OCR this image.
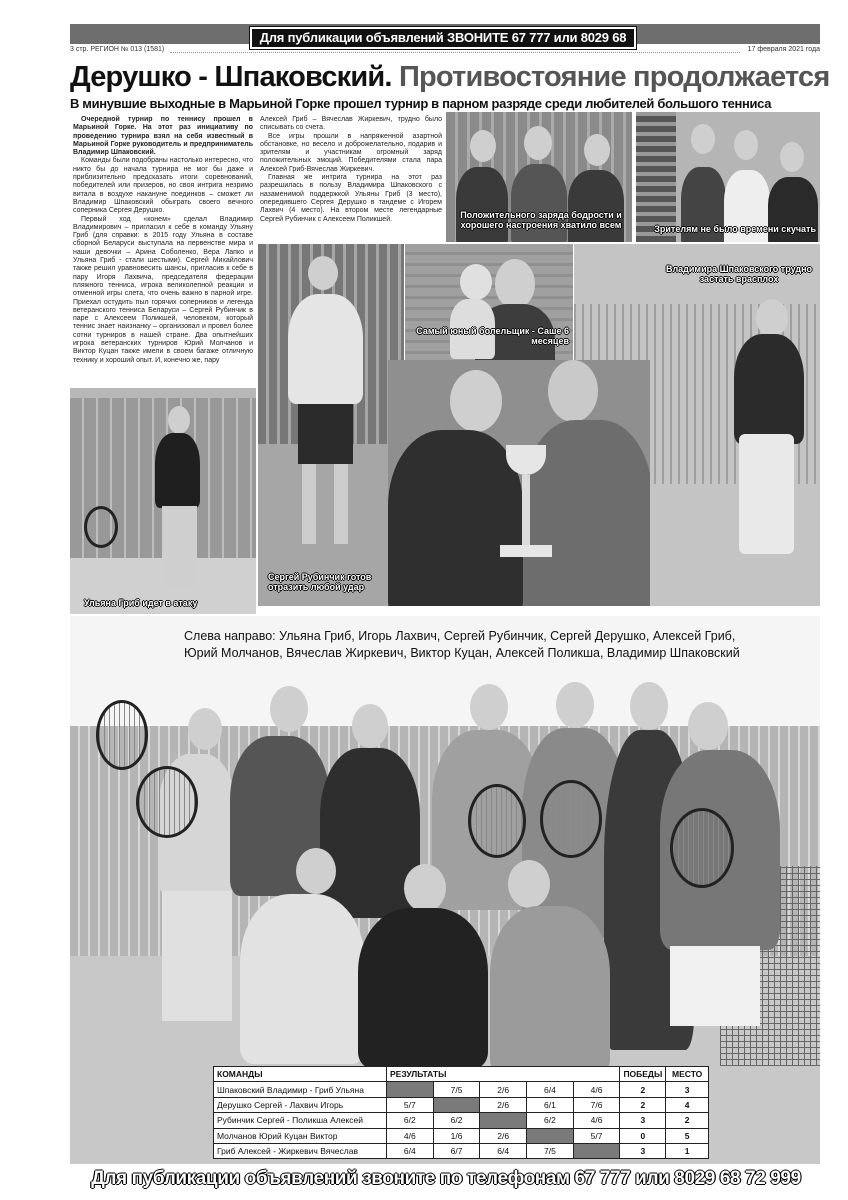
Для публикации объявлений ЗВОНИТЕ 67 777 или 8029 68 72 999
3 стр. РЕГИОН № 013 (1581)	17 февраля 2021 года
Дерушко - Шпаковский. Противостояние продолжается
В минувшие выходные в Марьиной Горке прошел турнир в парном разряде среди любителей большого тенниса

Очередной турнир по теннису прошел в Марьиной Горке. На этот раз инициативу по проведению турнира взял на себя известный в Марьиной Горке руководитель и предприниматель Владимир Шпаковский.

Команды были подобраны настолько интересно, что никто бы до начала турнира не мог бы даже и приблизительно предсказать итоги соревнований, победителей или призеров, но своя интрига незримо витала в воздухе накануне поединков – сможет ли Владимир Шпаковский обыграть своего вечного соперника Сергея Дерушко.

Первый ход «конем» сделал Владимир Владимирович – пригласил к себе в команду Ульяну Гриб (для справки: в 2015 году Ульяна в составе сборной Беларуси выступала на первенстве мира и наши девочки – Арина Соболенко, Вера Лапко и Ульяна Гриб - стали шестыми). Сергей Михайлович также решил уравновесить шансы, пригласив к себе в пару Игоря Лахвича, председателя федерации пляжного тенниса, игрока великолепной реакции и отменной игры слета, что очень важно в парной игре. Приехал остудить пыл горячих соперников и легенда ветеранского тенниса Беларуси – Сергей Рубинчик в паре с Алексеем Поликшей, человеком, который теннис знает наизнанку – организовал и провел более сотни турниров в нашей стране. Два опытнейших игрока ветеранских турниров Юрий Молчанов и Виктор Куцан также имели в своем багаже отличную технику и хороший опыт. И, конечно же, пару

Алексей Гриб – Вячеслав Жиркевич, трудно было списывать со счета.

Все игры прошли в напряженной азартной обстановке, но весело и доброжелательно, подарив и зрителям и участникам огромный заряд положительных эмоций. Победителями стала пара Алексей Гриб-Вячеслав Жиркевич.

Главная же интрига турнира на этот раз разрешилась в пользу Владимира Шпаковского с назаменимой поддержкой Ульяны Гриб (3 место), опередившего Сергея Дерушко в тандеме с Игорем Лахвич (4 место). На втором месте легендарные Сергей Рубинчик с Алексеем Поликшей.	Положительного заряда бодрости и хорошего настроения хватило всем	Зрителям не было времени скучать
Самый юный болельщик - Саше 6 месяцев
Владимира Шпаковского трудно застать врасплох
Ульяна Гриб идет в атаку
Сергей Рубинчик готов отразить любой удар
Слева направо: Ульяна Гриб, Игорь Лахвич, Сергей Рубинчик, Сергей Дерушко, Алексей Гриб, Юрий Молчанов, Вячеслав Жиркевич, Виктор Куцан, Алексей Поликша, Владимир Шпаковский
КОМАНДЫ	РЕЗУЛЬТАТЫ					ПОБЕДЫ	МЕСТО
Шпаковский Владимир - Гриб Ульяна		7/5	2/6	6/4	4/6	2	3
Дерушко Сергей - Лахвич Игорь	5/7		2/6	6/1	7/6	2	4
Рубинчик Сергей - Поликша Алексей	6/2	6/2		6/2	4/6	3	2
Молчанов Юрий Куцан Виктор	4/6	1/6	2/6		5/7	0	5
Гриб Алексей - Жиркевич Вячеслав	6/4	6/7	6/4	7/5		3	1
Для публикации объявлений звоните по телефонам 67 777 или 8029 68 72 999
